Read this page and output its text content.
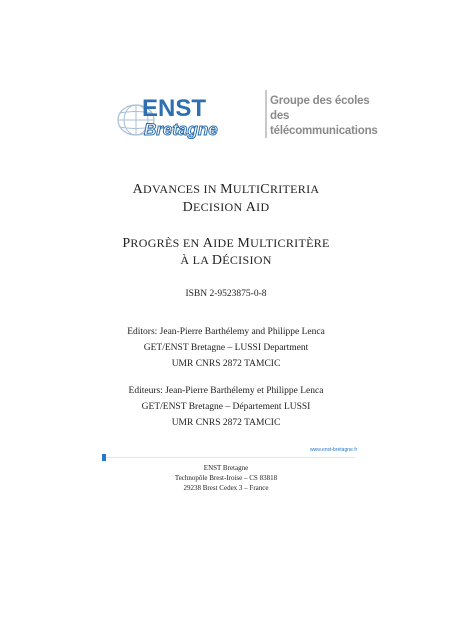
ENST
Bretagne
Groupe des écoles
des télécommunications
ADVANCES IN MULTICRITERIA
DECISION AID
PROGRÈS EN AIDE MULTICRITÈRE
À LA DÉCISION
ISBN 2-9523875-0-8
Editors: Jean-Pierre Barthélemy and Philippe Lenca
GET/ENST Bretagne – LUSSI Department
UMR CNRS 2872 TAMCIC
Editeurs: Jean-Pierre Barthélemy et Philippe Lenca
GET/ENST Bretagne – Département LUSSI
UMR CNRS 2872 TAMCIC
www.enst-bretagne.fr
ENST Bretagne
Technopôle Brest-Iroise – CS 83818
29238 Brest Cedex 3 – France
